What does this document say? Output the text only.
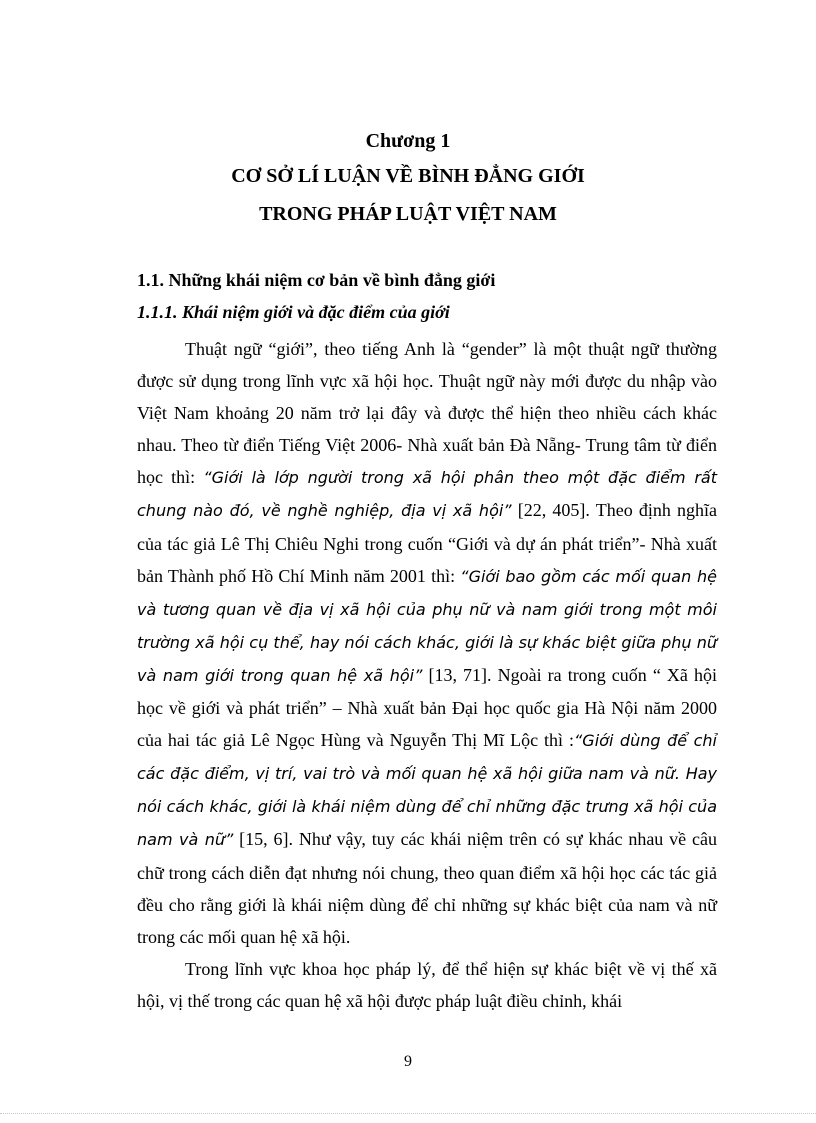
Chương 1
CƠ SỞ LÍ LUẬN VỀ BÌNH ĐẲNG GIỚI
TRONG PHÁP LUẬT VIỆT NAM
1.1. Những khái niệm cơ bản về bình đẳng giới
1.1.1. Khái niệm giới và đặc điểm của giới

Thuật ngữ “giới”, theo tiếng Anh là “gender” là một thuật ngữ thường được sử dụng trong lĩnh vực xã hội học. Thuật ngữ này mới được du nhập vào Việt Nam khoảng 20 năm trở lại đây và được thể hiện theo nhiều cách khác nhau. Theo từ điển Tiếng Việt 2006- Nhà xuất bản Đà Nẵng- Trung tâm từ điển học thì: “Giới là lớp người trong xã hội phân theo một đặc điểm rất chung nào đó, về nghề nghiệp, địa vị xã hội” [22, 405]. Theo định nghĩa của tác giả Lê Thị Chiêu Nghi trong cuốn “Giới và dự án phát triển”- Nhà xuất bản Thành phố Hồ Chí Minh năm 2001 thì: “Giới bao gồm các mối quan hệ và tương quan về địa vị xã hội của phụ nữ và nam giới trong một môi trường xã hội cụ thể, hay nói cách khác, giới là sự khác biệt giữa phụ nữ và nam giới trong quan hệ xã hội” [13, 71]. Ngoài ra trong cuốn “ Xã hội học về giới và phát triển” – Nhà xuất bản Đại học quốc gia Hà Nội năm 2000 của hai tác giả Lê Ngọc Hùng và Nguyễn Thị Mĩ Lộc thì :“Giới dùng để chỉ các đặc điểm, vị trí, vai trò và mối quan hệ xã hội giữa nam và nữ. Hay nói cách khác, giới là khái niệm dùng để chỉ những đặc trưng xã hội của nam và nữ” [15, 6]. Như vậy, tuy các khái niệm trên có sự khác nhau về câu chữ trong cách diễn đạt nhưng nói chung, theo quan điểm xã hội học các tác giả đều cho rằng giới là khái niệm dùng để chỉ những sự khác biệt của nam và nữ trong các mối quan hệ xã hội.

Trong lĩnh vực khoa học pháp lý, để thể hiện sự khác biệt về vị thế xã hội, vị thế trong các quan hệ xã hội được pháp luật điều chỉnh, khái

9
